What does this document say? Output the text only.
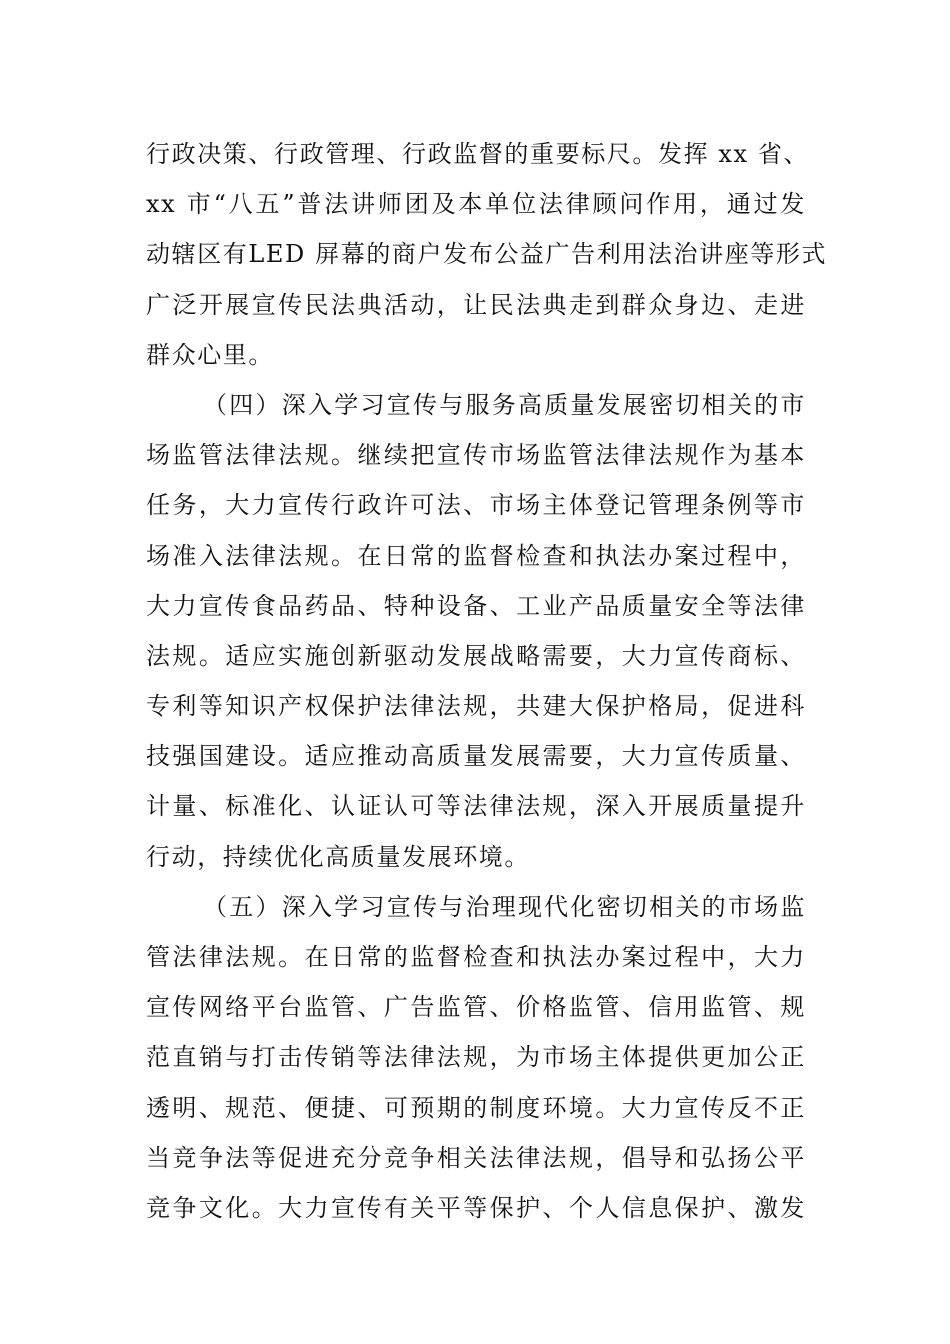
行政决策、行政管理、行政监督的重要标尺。发挥 xx 省、
xx 市“八五”普法讲师团及本单位法律顾问作用，通过发
动辖区有LED 屏幕的商户发布公益广告利用法治讲座等形式
广泛开展宣传民法典活动，让民法典走到群众身边、走进
群众心里。
（四）深入学习宣传与服务高质量发展密切相关的市
场监管法律法规。继续把宣传市场监管法律法规作为基本
任务，大力宣传行政许可法、市场主体登记管理条例等市
场准入法律法规。在日常的监督检查和执法办案过程中，
大力宣传食品药品、特种设备、工业产品质量安全等法律
法规。适应实施创新驱动发展战略需要，大力宣传商标、
专利等知识产权保护法律法规，共建大保护格局，促进科
技强国建设。适应推动高质量发展需要，大力宣传质量、
计量、标准化、认证认可等法律法规，深入开展质量提升
行动，持续优化高质量发展环境。
（五）深入学习宣传与治理现代化密切相关的市场监
管法律法规。在日常的监督检查和执法办案过程中，大力
宣传网络平台监管、广告监管、价格监管、信用监管、规
范直销与打击传销等法律法规，为市场主体提供更加公正
透明、规范、便捷、可预期的制度环境。大力宣传反不正
当竞争法等促进充分竞争相关法律法规，倡导和弘扬公平
竞争文化。大力宣传有关平等保护、个人信息保护、激发
